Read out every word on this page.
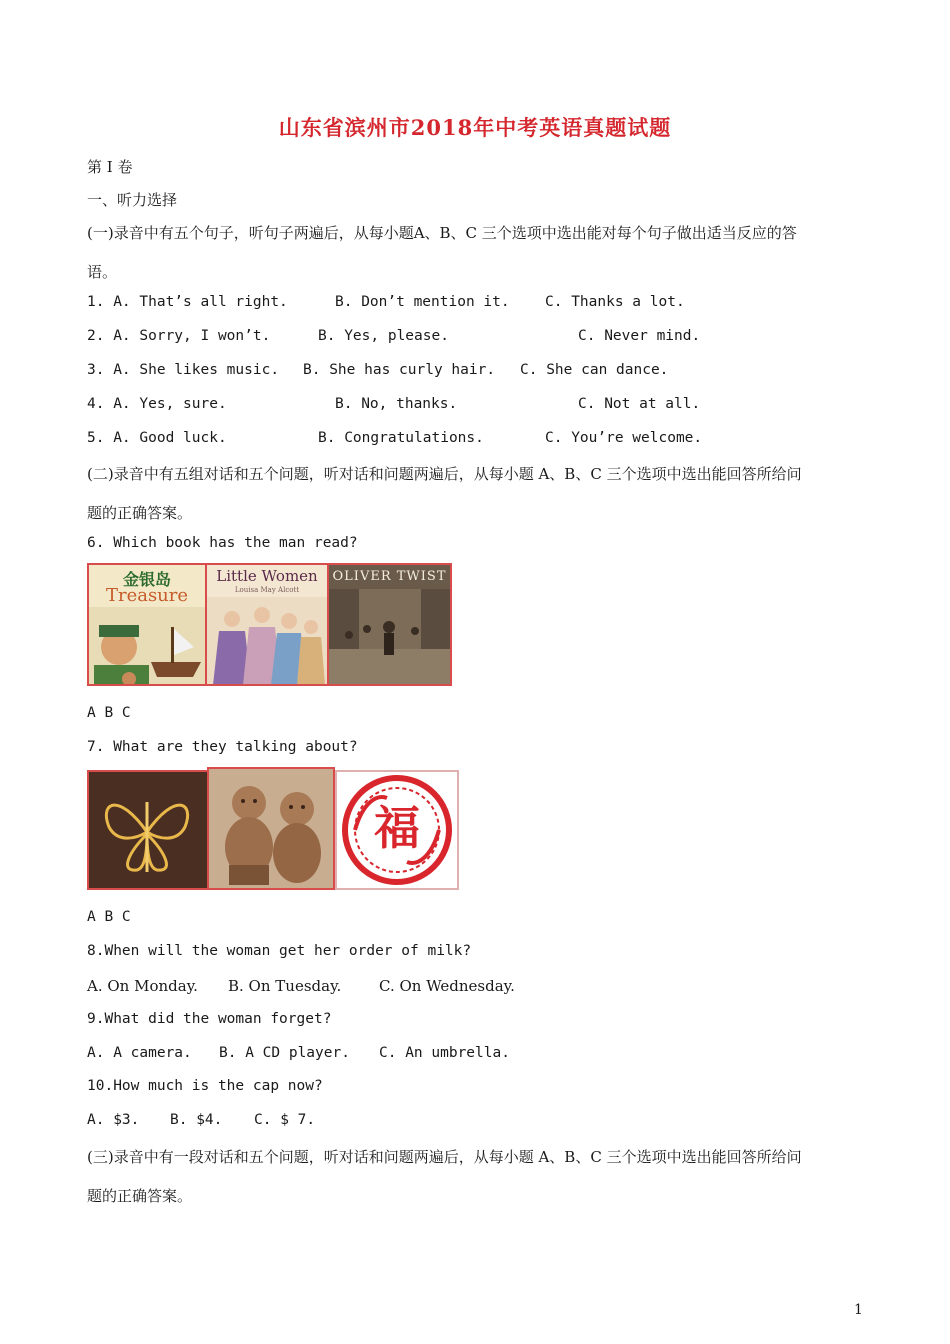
山东省滨州市2018年中考英语真题试题
第 I 卷
一、听力选择
(一)录音中有五个句子，听句子两遍后，从每小题A、B、C 三个选项中选出能对每个句子做出适当反应的答
语。
1. A. That’s all right.	B. Don’t mention it. C. Thanks a lot.
2. A. Sorry, I won’t.	B. Yes, please.	C. Never mind.
3. A. She likes music. B. She has curly hair. C. She can dance.
4. A. Yes, sure.	B. No, thanks.	C. Not at all.
5. A. Good luck.	B. Congratulations.	C. You’re welcome.
(二)录音中有五组对话和五个问题，听对话和问题两遍后，从每小题 A、B、C 三个选项中选出能回答所给问
题的正确答案。
6. Which book has the man read?
金银岛
Treasure
Little Women
Louisa May Alcott
OLIVER TWIST
A B C
7. What are they talking about?
福
A B C
8.When will the woman get her order of milk?
A. On Monday. B. On Tuesday.	C. On Wednesday.
9.What did the woman forget?
A. A camera. B. A CD player. C. An umbrella.
10.How much is the cap now?
A. $3. B. $4. C. $ 7.
(三)录音中有一段对话和五个问题，听对话和问题两遍后，从每小题 A、B、C 三个选项中选出能回答所给问
题的正确答案。
1
